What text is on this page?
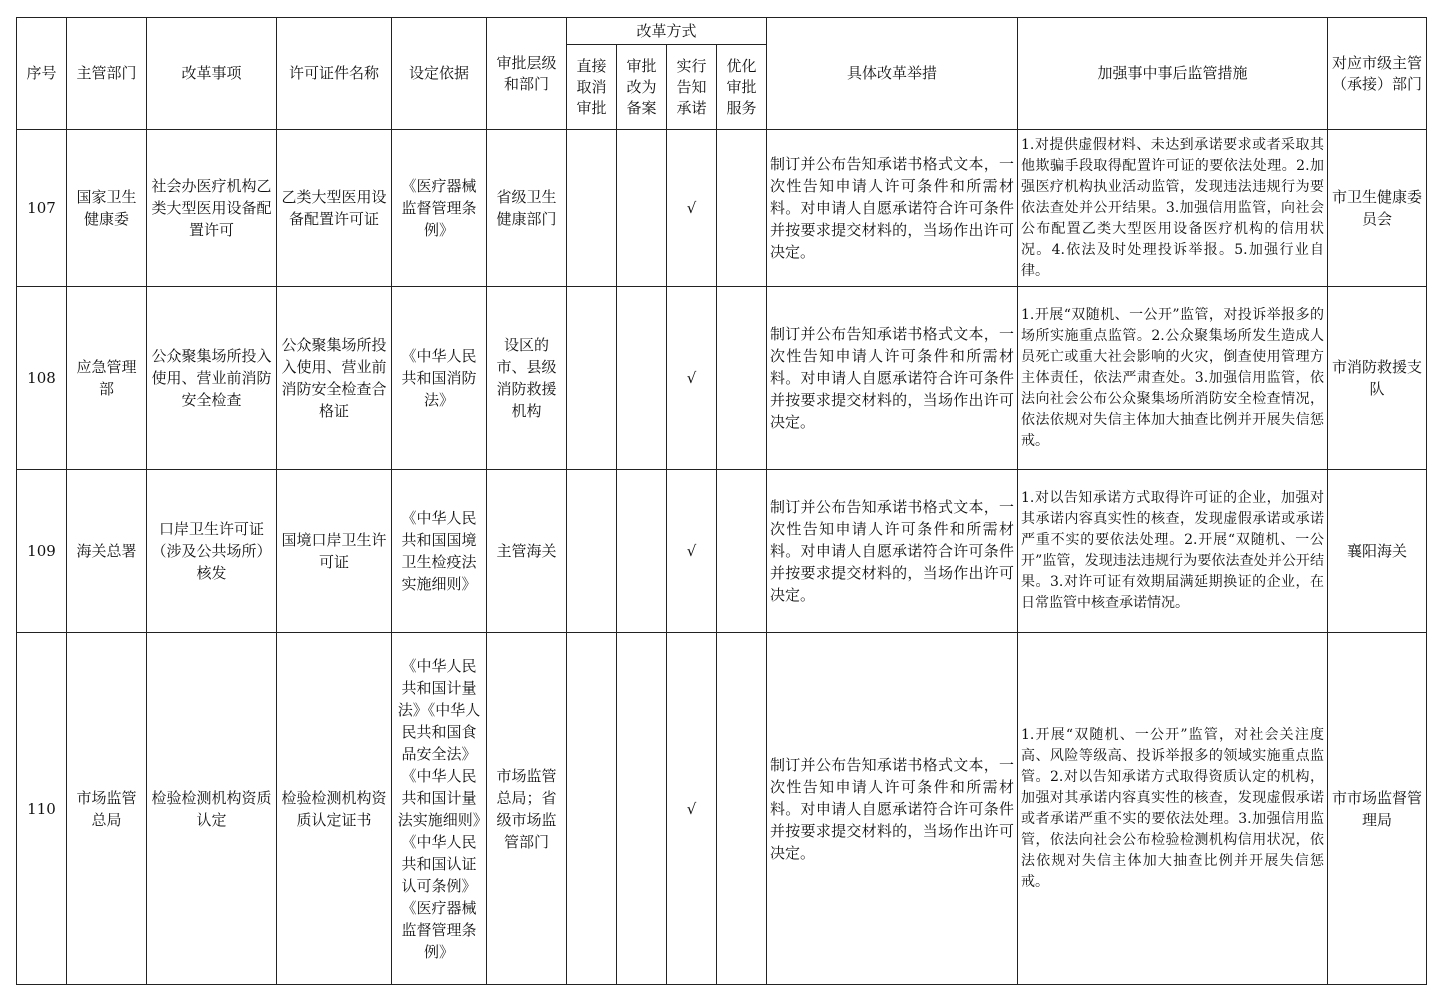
序号	主管部门	改革事项	许可证件名称	设定依据	审批层级和部门	改革方式				具体改革举措	加强事中事后监管措施	对应市级主管（承接）部门
						直接取消审批	审批改为备案	实行告知承诺	优化审批服务			
107	国家卫生健康委	社会办医疗机构乙类大型医用设备配置许可	乙类大型医用设备配置许可证	《医疗器械监督管理条例》	省级卫生健康部门			√		制订并公布告知承诺书格式文本，一次性告知申请人许可条件和所需材料。对申请人自愿承诺符合许可条件并按要求提交材料的，当场作出许可决定。	1.对提供虚假材料、未达到承诺要求或者采取其他欺骗手段取得配置许可证的要依法处理。2.加强医疗机构执业活动监管，发现违法违规行为要依法查处并公开结果。3.加强信用监管，向社会公布配置乙类大型医用设备医疗机构的信用状况。4.依法及时处理投诉举报。5.加强行业自律。	市卫生健康委员会
108	应急管理部	公众聚集场所投入使用、营业前消防安全检查	公众聚集场所投入使用、营业前消防安全检查合格证	《中华人民共和国消防法》	设区的市、县级消防救援机构			√		制订并公布告知承诺书格式文本，一次性告知申请人许可条件和所需材料。对申请人自愿承诺符合许可条件并按要求提交材料的，当场作出许可决定。	1.开展“双随机、一公开”监管，对投诉举报多的场所实施重点监管。2.公众聚集场所发生造成人员死亡或重大社会影响的火灾，倒查使用管理方主体责任，依法严肃查处。3.加强信用监管，依法向社会公布公众聚集场所消防安全检查情况，依法依规对失信主体加大抽查比例并开展失信惩戒。	市消防救援支队
109	海关总署	口岸卫生许可证（涉及公共场所）核发	国境口岸卫生许可证	《中华人民共和国国境卫生检疫法实施细则》	主管海关			√		制订并公布告知承诺书格式文本，一次性告知申请人许可条件和所需材料。对申请人自愿承诺符合许可条件并按要求提交材料的，当场作出许可决定。	1.对以告知承诺方式取得许可证的企业，加强对其承诺内容真实性的核查，发现虚假承诺或承诺严重不实的要依法处理。2.开展“双随机、一公开”监管，发现违法违规行为要依法查处并公开结果。3.对许可证有效期届满延期换证的企业，在日常监管中核查承诺情况。	襄阳海关
110	市场监管总局	检验检测机构资质认定	检验检测机构资质认定证书	《中华人民共和国计量法》《中华人民共和国食品安全法》《中华人民共和国计量法实施细则》《中华人民共和国认证认可条例》《医疗器械监督管理条例》	市场监管总局；省级市场监管部门			√		制订并公布告知承诺书格式文本，一次性告知申请人许可条件和所需材料。对申请人自愿承诺符合许可条件并按要求提交材料的，当场作出许可决定。	1.开展“双随机、一公开”监管，对社会关注度高、风险等级高、投诉举报多的领域实施重点监管。2.对以告知承诺方式取得资质认定的机构，加强对其承诺内容真实性的核查，发现虚假承诺或者承诺严重不实的要依法处理。3.加强信用监管，依法向社会公布检验检测机构信用状况，依法依规对失信主体加大抽查比例并开展失信惩戒。	市市场监督管理局
